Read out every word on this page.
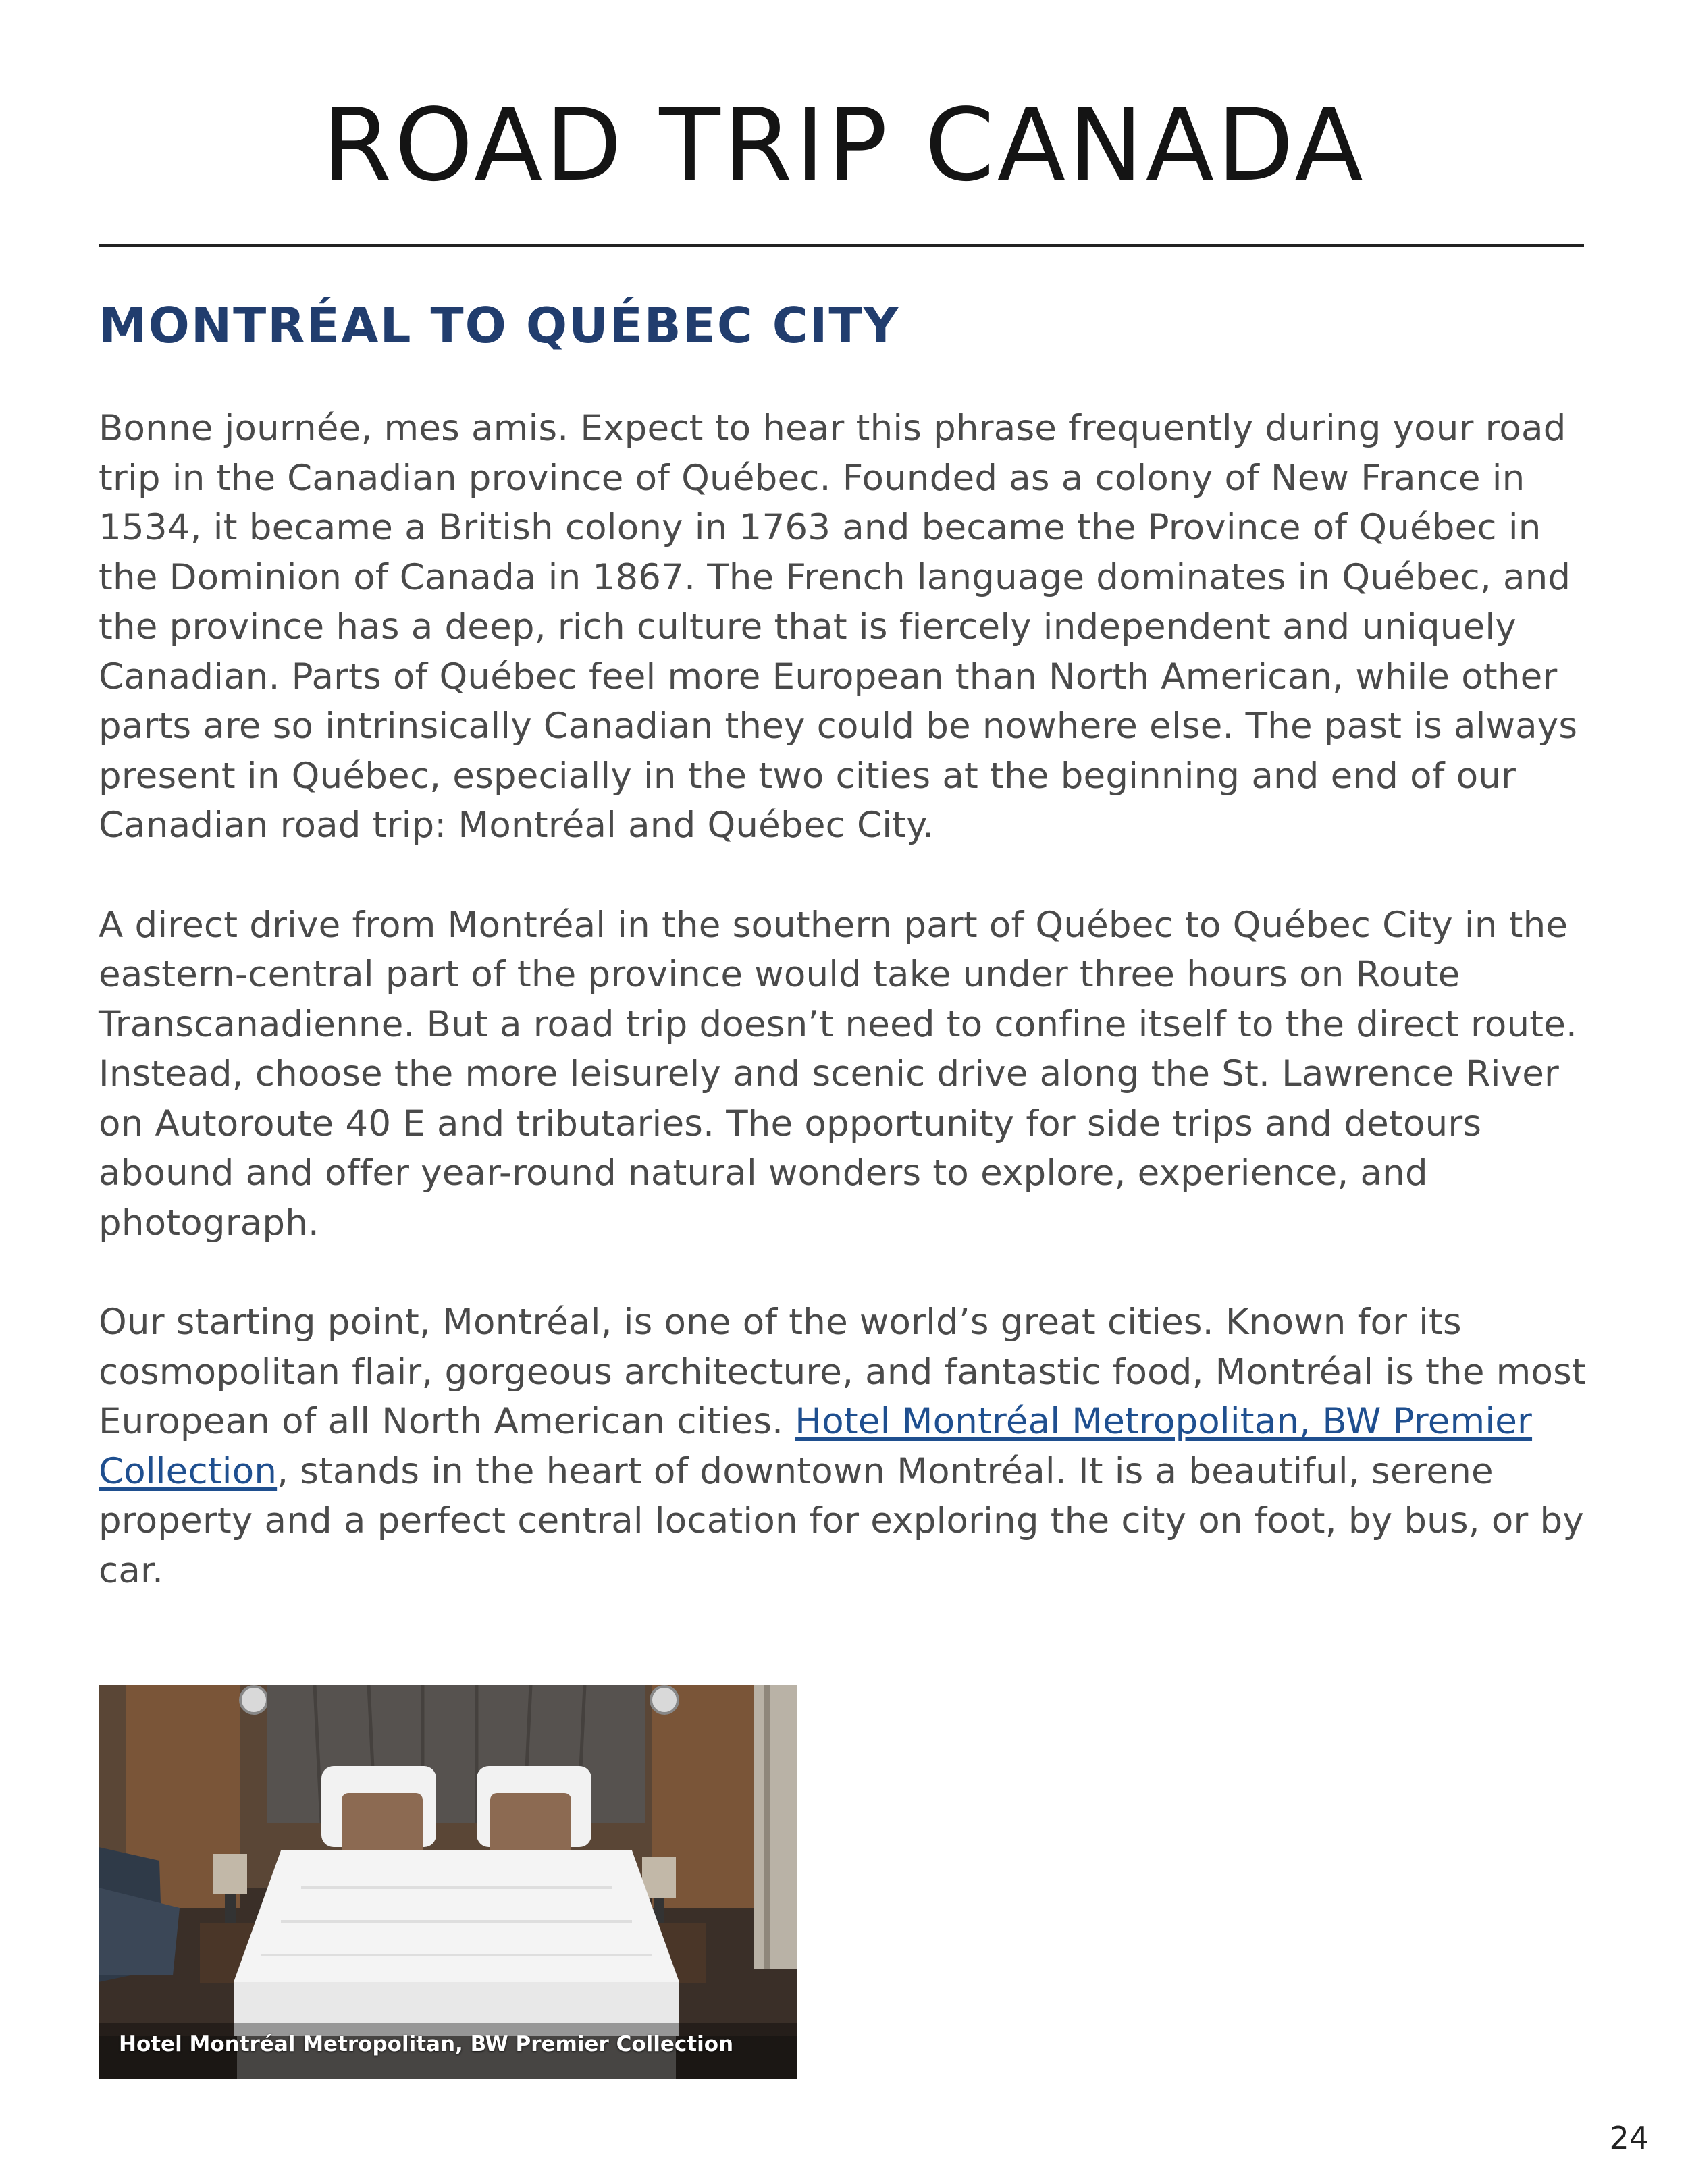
ROAD TRIP CANADA
MONTRÉAL TO QUÉBEC CITY

Bonne journée, mes amis. Expect to hear this phrase frequently during your road trip in the Canadian province of Québec. Founded as a colony of New France in 1534, it became a British colony in 1763 and became the Province of Québec in the Dominion of Canada in 1867. The French language dominates in Québec, and the province has a deep, rich culture that is fiercely independent and uniquely Canadian. Parts of Québec feel more European than North American, while other parts are so intrinsically Canadian they could be nowhere else. The past is always present in Québec, especially in the two cities at the beginning and end of our Canadian road trip: Montréal and Québec City.

A direct drive from Montréal in the southern part of Québec to Québec City in the eastern-central part of the province would take under three hours on Route Transcanadienne. But a road trip doesn’t need to confine itself to the direct route. Instead, choose the more leisurely and scenic drive along the St. Lawrence River on Autoroute 40 E and tributaries. The opportunity for side trips and detours abound and offer year-round natural wonders to explore, experience, and photograph.

Our starting point, Montréal, is one of the world’s great cities. Known for its cosmopolitan flair, gorgeous architecture, and fantastic food, Montréal is the most European of all North American cities. Hotel Montréal Metropolitan, BW Premier Collection, stands in the heart of downtown Montréal. It is a beautiful, serene property and a perfect central location for exploring the city on foot, by bus, or by car.

Hotel Montréal Metropolitan, BW Premier Collection
24
